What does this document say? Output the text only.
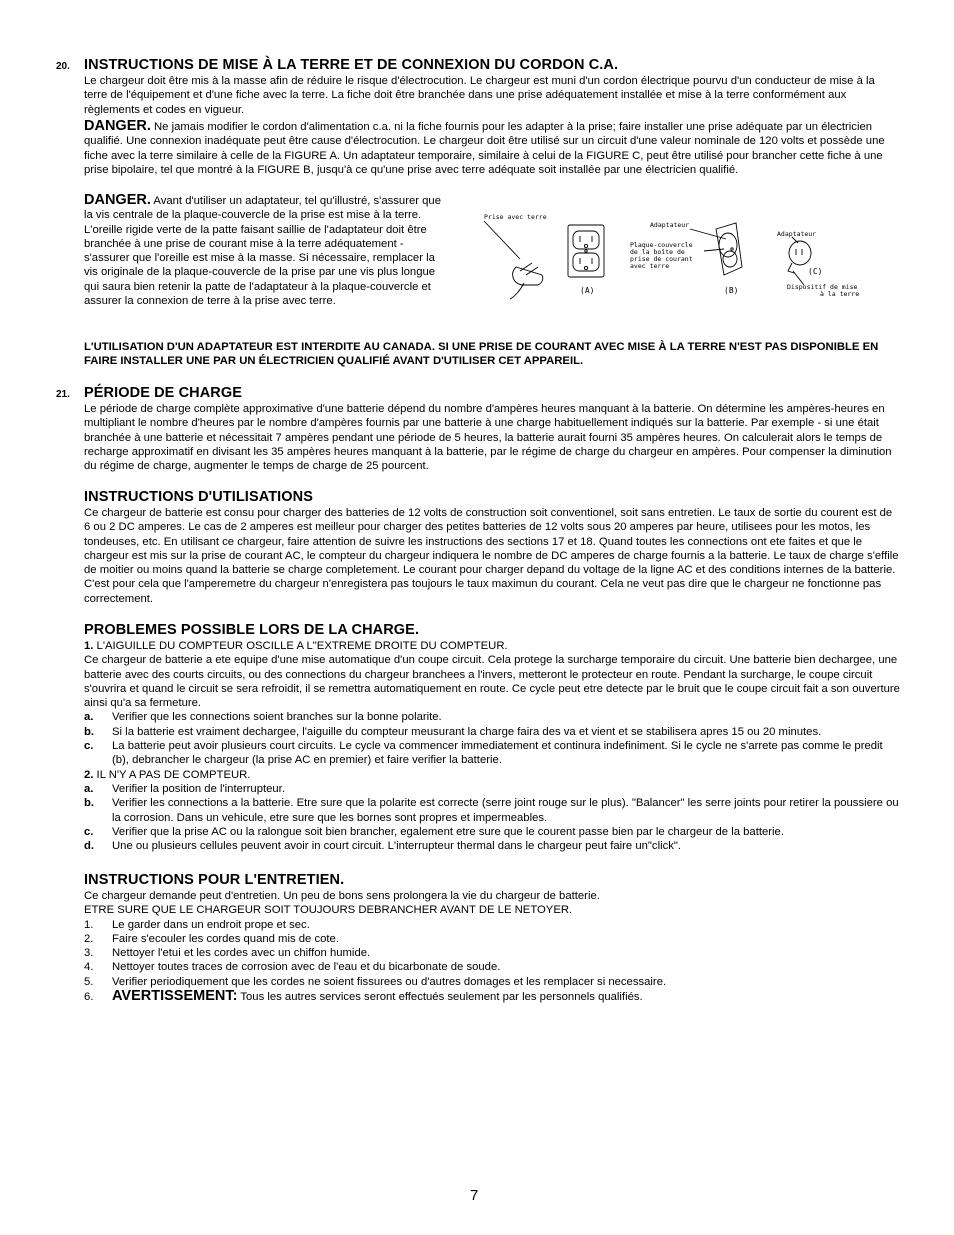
20. INSTRUCTIONS DE MISE À LA TERRE ET DE CONNEXION DU CORDON C.A.

Le chargeur doit être mis à la masse afin de réduire le risque d'électrocution. Le chargeur est muni d'un cordon électrique pourvu d'un conducteur de mise à la terre de l'équipement et d'une fiche avec la terre. La fiche doit être branchée dans une prise adéquatement installée et mise à la terre conformément aux règlements et codes en vigueur.

DANGER. Ne jamais modifier le cordon d'alimentation c.a. ni la fiche fournis pour les adapter à la prise; faire installer une prise adéquate par un électricien qualifié. Une connexion inadéquate peut être cause d'électrocution. Le chargeur doit être utilisé sur un circuit d'une valeur nominale de 120 volts et possède une fiche avec la terre similaire à celle de la FIGURE A. Un adaptateur temporaire, similaire à celui de la FIGURE C, peut être utilisé pour brancher cette fiche à une prise bipolaire, tel que montré à la FIGURE B, jusqu'à ce qu'une prise avec terre adéquate soit installée par une électricien qualifié.

DANGER. Avant d'utiliser un adaptateur, tel qu'illustré, s'assurer que la vis centrale de la plaque-couvercle de la prise est mise à la terre. L'oreille rigide verte de la patte faisant saillie de l'adaptateur doit être branchée à une prise de courant mise à la terre adéquatement - s'assurer que l'oreille est mise à la masse. Si nécessaire, remplacer la vis originale de la plaque-couvercle de la prise par une vis plus longue qui saura bien retenir la patte de l'adaptateur à la plaque-couvercle et assurer la connexion de terre à la prise avec terre.

Prise avec terre
Adaptateur
Plaque-couvercle de la boîte de prise de courant avec terre
Adaptateur
Dispositif de mise à la terre
(A)	(B)
(C)

L'UTILISATION D'UN ADAPTATEUR EST INTERDITE AU CANADA. SI UNE PRISE DE COURANT AVEC MISE À LA TERRE N'EST PAS DISPONIBLE EN FAIRE INSTALLER UNE PAR UN ÉLECTRICIEN QUALIFIÉ AVANT D'UTILISER CET APPAREIL.

21. PÉRIODE DE CHARGE

Le période de charge complète approximative d'une batterie dépend du nombre d'ampères heures manquant à la batterie. On détermine les ampères-heures en multipliant le nombre d'heures par le nombre d'ampères fournis par une batterie à une charge habituellement indiqués sur la batterie. Par exemple - si une était branchée à une batterie et nécessitait 7 ampères pendant une période de 5 heures, la batterie aurait fourni 35 ampères heures. On calculerait alors le temps de recharge approximatif en divisant les 35 ampères heures manquant à la batterie, par le régime de charge du chargeur en ampères. Pour compenser la diminution du régime de charge, augmenter le temps de charge de 25 pourcent.

INSTRUCTIONS D'UTILISATIONS

Ce chargeur de batterie est consu pour charger des batteries de 12 volts de construction soit conventionel, soit sans entretien. Le taux de sortie du courent est de 6 ou 2 DC amperes. Le cas de 2 amperes est meilleur pour charger des petites batteries de 12 volts sous 20 amperes par heure, utilisees pour les motos, les tondeuses, etc. En utilisant ce chargeur, faire attention de suivre les instructions des sections 17 et 18. Quand toutes les connections ont ete faites et que le chargeur est mis sur la prise de courant AC, le compteur du chargeur indiquera le nombre de DC amperes de charge fournis a la batterie. Le taux de charge s'effile de moitier ou moins quand la batterie se charge completement. Le courant pour charger depand du voltage de la ligne AC et des conditions internes de la batterie. C'est pour cela que l'amperemetre du chargeur n'enregistera pas toujours le taux maximun du courant. Cela ne veut pas dire que le chargeur ne fonctionne pas correctement.

PROBLEMES POSSIBLE LORS DE LA CHARGE.

1. L'AIGUILLE DU COMPTEUR OSCILLE A L"EXTREME DROITE DU COMPTEUR.

Ce chargeur de batterie a ete equipe d'une mise automatique d'un coupe circuit. Cela protege la surcharge temporaire du circuit. Une batterie bien dechargee, une batterie avec des courts circuits, ou des connections du chargeur branchees a l'invers, metteront le protecteur en route. Pendant la surcharge, le coupe circuit s'ouvrira et quand le circuit se sera refroidit, il se remettra automatiquement en route. Ce cycle peut etre detecte par le bruit que le coupe circuit fait a son ouverture ainsi qu'a sa fermeture.

a.	Verifier que les connections soient branches sur la bonne polarite.
b.	Si la batterie est vraiment dechargee, l'aiguille du compteur meusurant la charge faira des va et vient et se stabilisera apres 15 ou 20 minutes.
c.	La batterie peut avoir plusieurs court circuits. Le cycle va commencer immediatement et continura indefiniment. Si le cycle ne s'arrete pas comme le predit (b), debrancher le chargeur (la prise AC en premier) et faire verifier la batterie.

2. IL N'Y A PAS DE COMPTEUR.

a.	Verifier la position de l'interrupteur.
b.	Verifier les connections a la batterie. Etre sure que la polarite est correcte (serre joint rouge sur le plus). "Balancer" les serre joints pour retirer la poussiere ou la corrosion. Dans un vehicule, etre sure que les bornes sont propres et impermeables.
c.	Verifier que la prise AC ou la ralongue soit bien brancher, egalement etre sure que le courent passe bien par le chargeur de la batterie.
d.	Une ou plusieurs cellules peuvent avoir in court circuit. L'interrupteur thermal dans le chargeur peut faire un"click".
INSTRUCTIONS POUR L'ENTRETIEN.

Ce chargeur demande peut d'entretien. Un peu de bons sens prolongera la vie du chargeur de batterie.

ETRE SURE QUE LE CHARGEUR SOIT TOUJOURS DEBRANCHER AVANT DE LE NETOYER.

1.	Le garder dans un endroit prope et sec.
2.	Faire s'ecouler les cordes quand mis de cote.
3.	Nettoyer l'etui et les cordes avec un chiffon humide.
4.	Nettoyer toutes traces de corrosion avec de l'eau et du bicarbonate de soude.
5.	Verifier periodiquement que les cordes ne soient fissurees ou d'autres domages et les remplacer si necessaire.
6.	AVERTISSEMENT: Tous les autres services seront effectués seulement par les personnels qualifiés.
7
